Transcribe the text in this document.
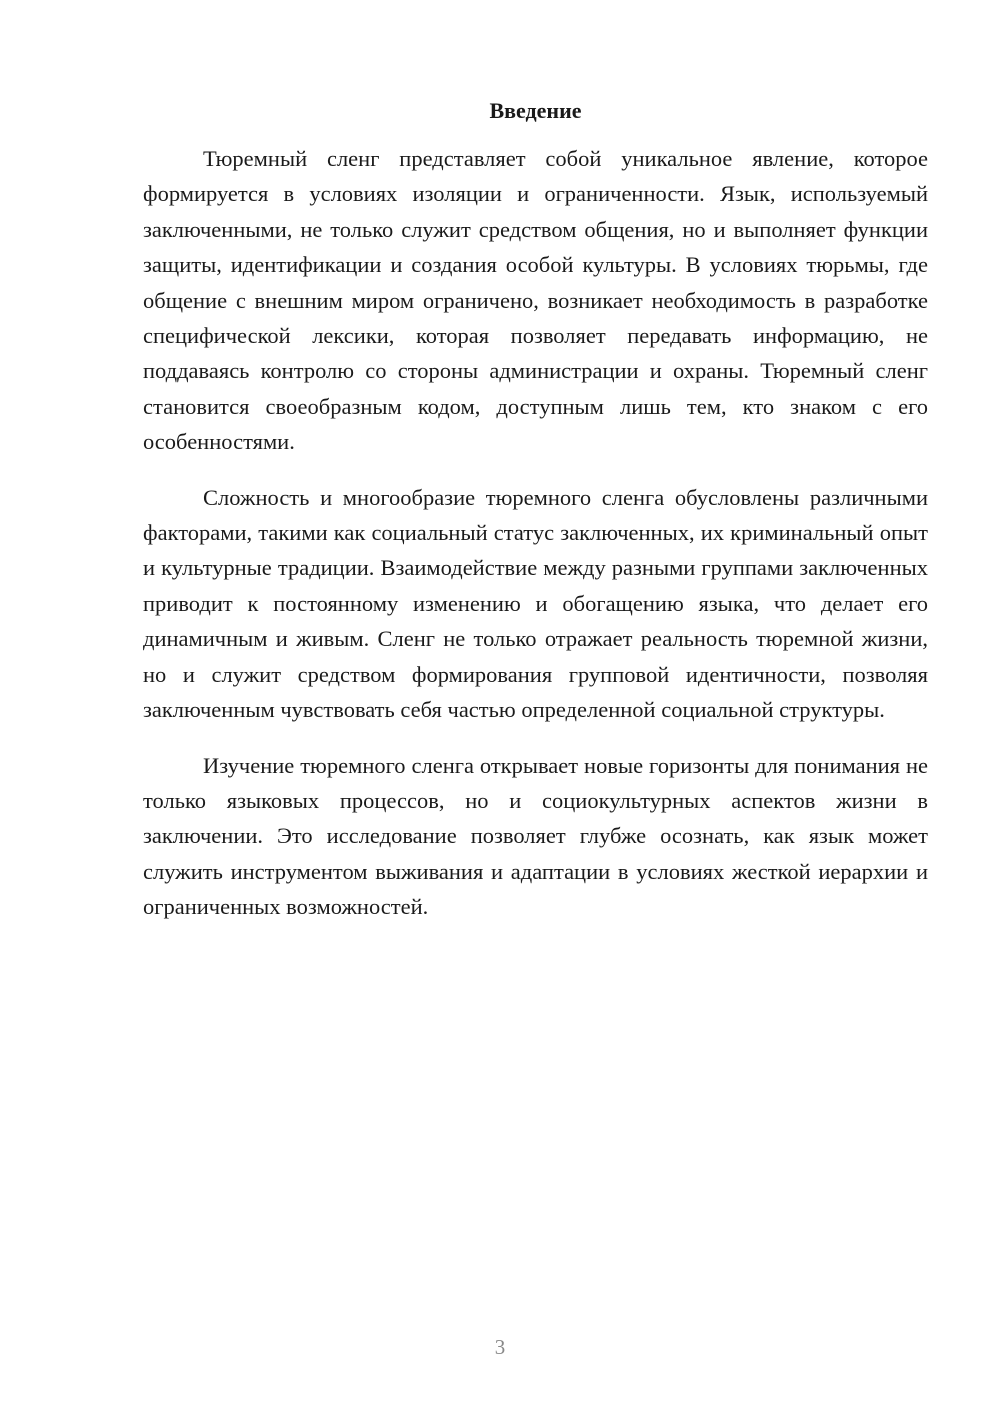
Введение

Тюремный сленг представляет собой уникальное явление, которое формируется в условиях изоляции и ограниченности. Язык, используемый заключенными, не только служит средством общения, но и выполняет функции защиты, идентификации и создания особой культуры. В условиях тюрьмы, где общение с внешним миром ограничено, возникает необходимость в разработке специфической лексики, которая позволяет передавать информацию, не поддаваясь контролю со стороны администрации и охраны. Тюремный сленг становится своеобразным кодом, доступным лишь тем, кто знаком с его особенностями.

Сложность и многообразие тюремного сленга обусловлены различными факторами, такими как социальный статус заключенных, их криминальный опыт и культурные традиции. Взаимодействие между разными группами заключенных приводит к постоянному изменению и обогащению языка, что делает его динамичным и живым. Сленг не только отражает реальность тюремной жизни, но и служит средством формирования групповой идентичности, позволяя заключенным чувствовать себя частью определенной социальной структуры.

Изучение тюремного сленга открывает новые горизонты для понимания не только языковых процессов, но и социокультурных аспектов жизни в заключении. Это исследование позволяет глубже осознать, как язык может служить инструментом выживания и адаптации в условиях жесткой иерархии и ограниченных возможностей.

3
